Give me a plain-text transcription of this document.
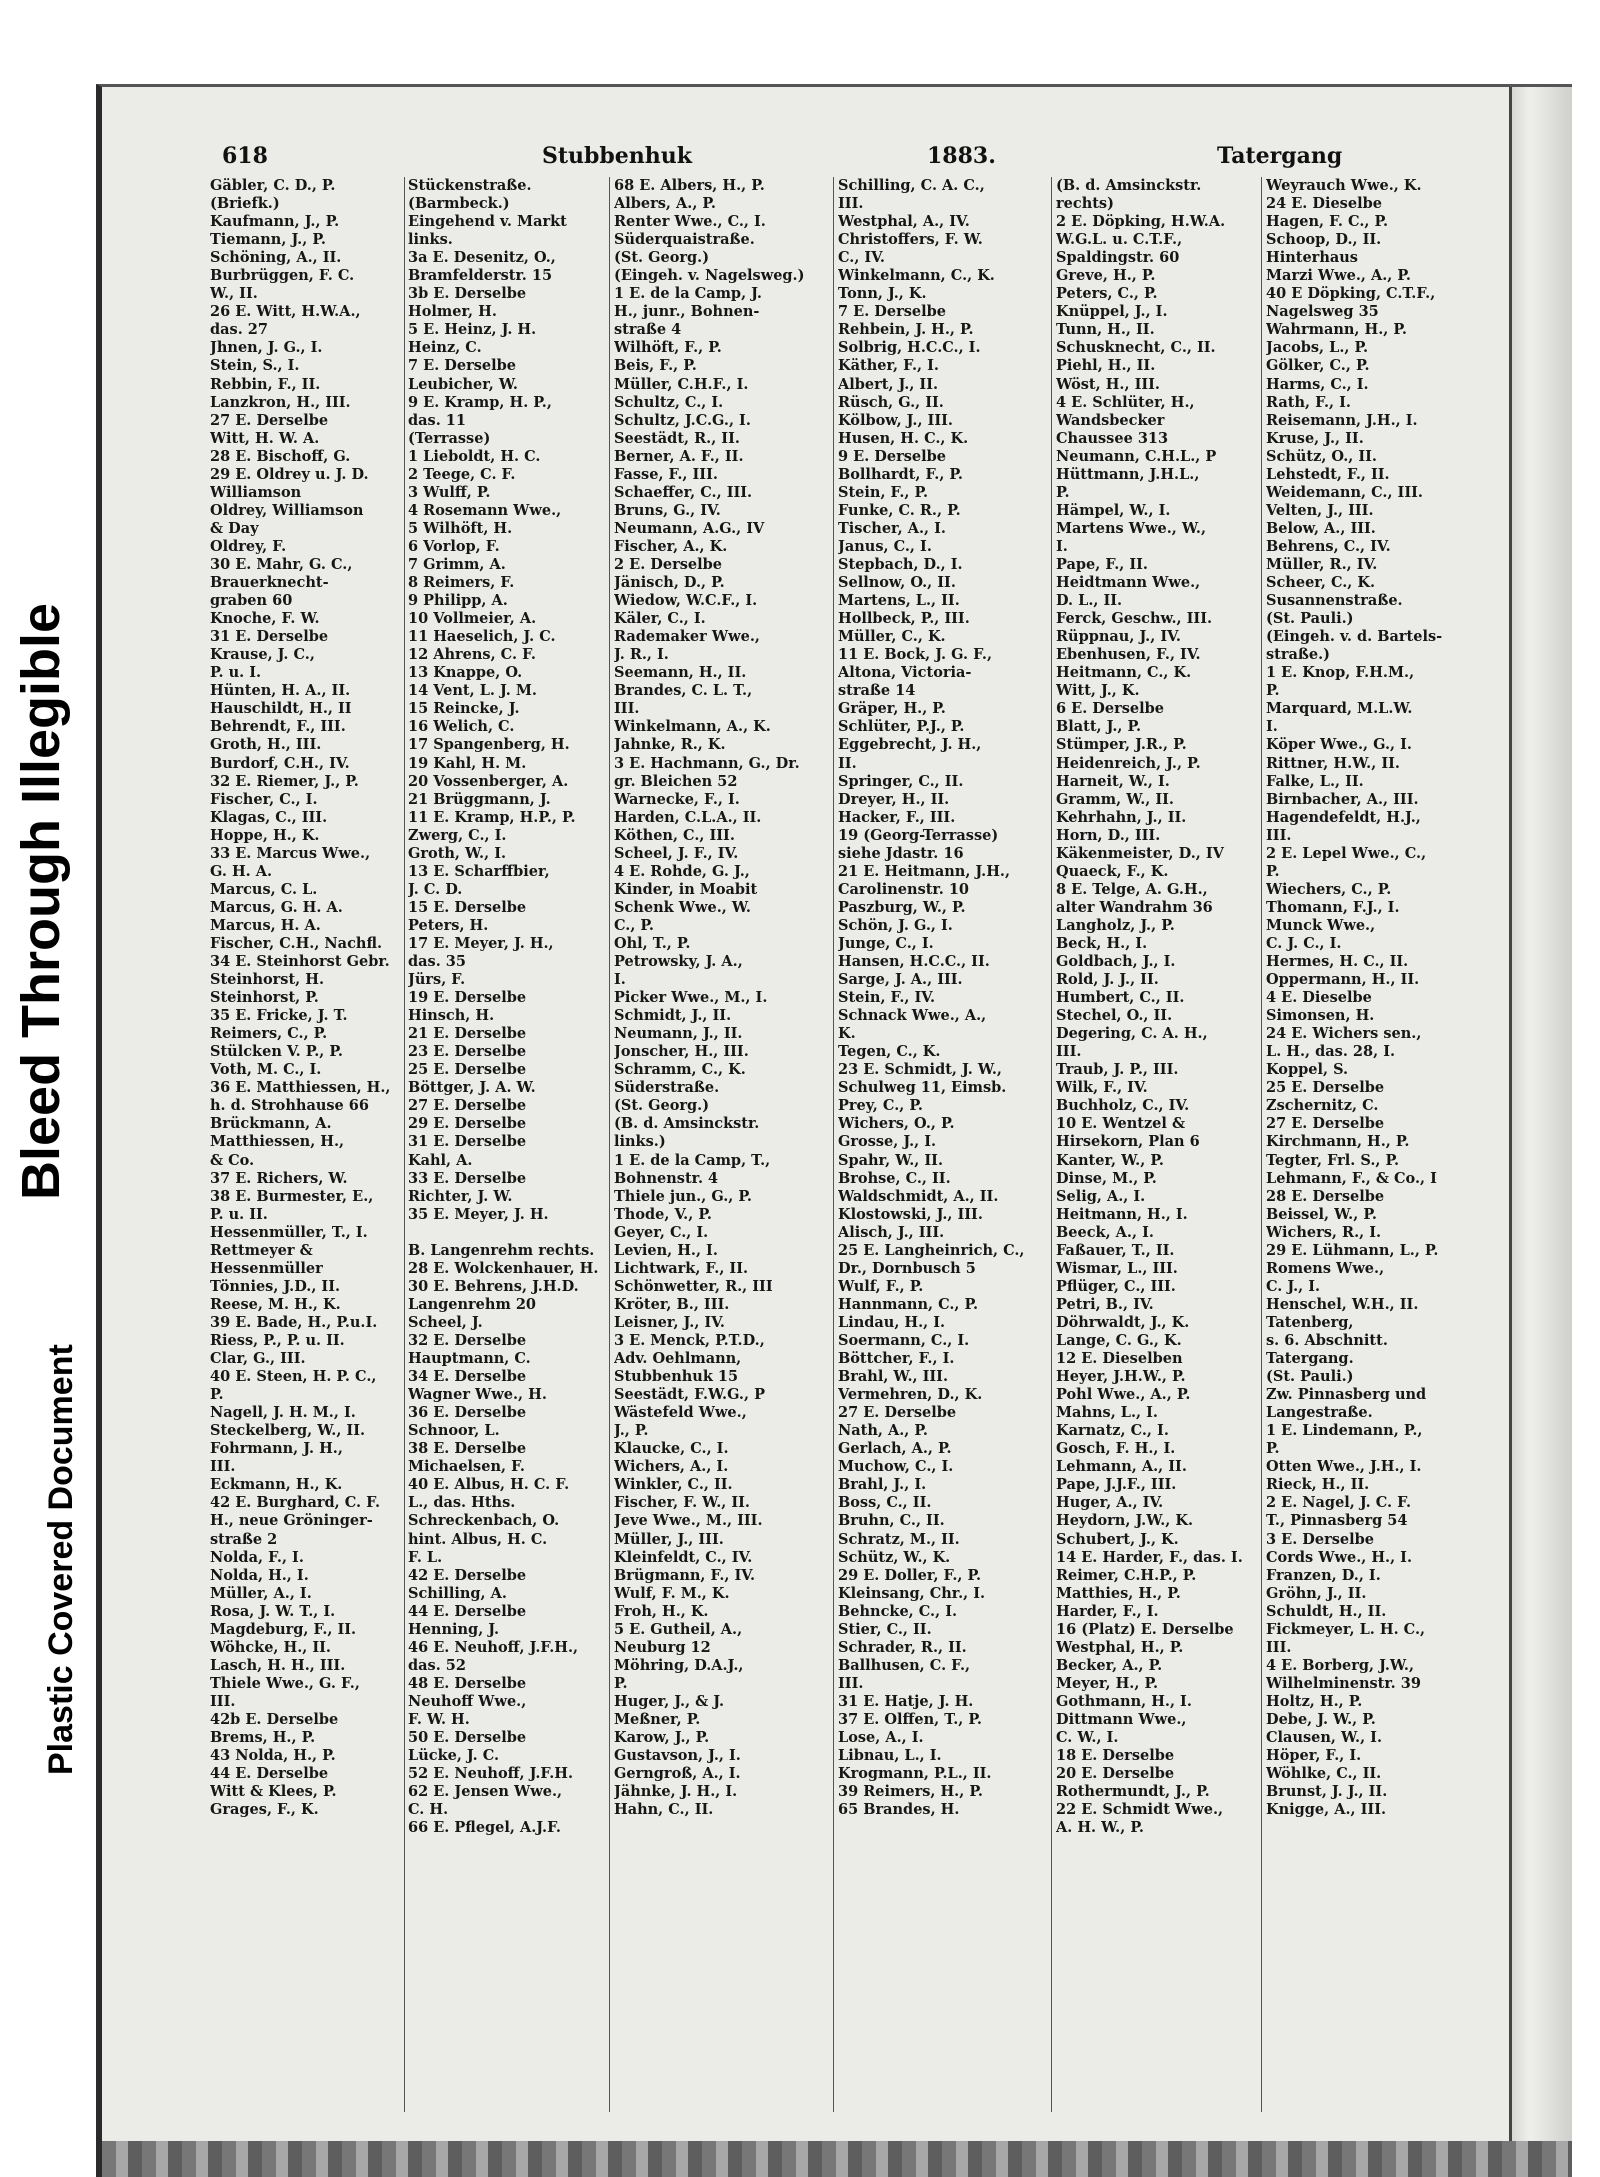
Bleed Through Illegible
Plastic Covered Document
618	Stubbenhuk	1883.	Tatergang
Gäbler, C. D., P.
(Briefk.)
Kaufmann, J., P.
Tiemann, J., P.
Schöning, A., II.
Burbrüggen, F. C.
W., II.
26 E. Witt, H.W.A.,
das. 27
Jhnen, J. G., I.
Stein, S., I.
Rebbin, F., II.
Lanzkron, H., III.
27 E. Derselbe
Witt, H. W. A.
28 E. Bischoff, G.
29 E. Oldrey u. J. D.
Williamson
Oldrey, Williamson
& Day
Oldrey, F.
30 E. Mahr, G. C.,
Brauerknecht-
graben 60
Knoche, F. W.
31 E. Derselbe
Krause, J. C.,
P. u. I.
Hünten, H. A., II.
Hauschildt, H., II
Behrendt, F., III.
Groth, H., III.
Burdorf, C.H., IV.
32 E. Riemer, J., P.
Fischer, C., I.
Klagas, C., III.
Hoppe, H., K.
33 E. Marcus Wwe.,
G. H. A.
Marcus, C. L.
Marcus, G. H. A.
Marcus, H. A.
Fischer, C.H., Nachfl.
34 E. Steinhorst Gebr.
Steinhorst, H.
Steinhorst, P.
35 E. Fricke, J. T.
Reimers, C., P.
Stülcken V. P., P.
Voth, M. C., I.
36 E. Matthiessen, H.,
h. d. Strohhause 66
Brückmann, A.
Matthiessen, H.,
& Co.
37 E. Richers, W.
38 E. Burmester, E.,
P. u. II.
Hessenmüller, T., I.
Rettmeyer &
Hessenmüller
Tönnies, J.D., II.
Reese, M. H., K.
39 E. Bade, H., P.u.I.
Riess, P., P. u. II.
Clar, G., III.
40 E. Steen, H. P. C.,
P.
Nagell, J. H. M., I.
Steckelberg, W., II.
Fohrmann, J. H.,
III.
Eckmann, H., K.
42 E. Burghard, C. F.
H., neue Gröninger-
straße 2
Nolda, F., I.
Nolda, H., I.
Müller, A., I.
Rosa, J. W. T., I.
Magdeburg, F., II.
Wöhcke, H., II.
Lasch, H. H., III.
Thiele Wwe., G. F.,
III.
42b E. Derselbe
Brems, H., P.
43 Nolda, H., P.
44 E. Derselbe
Witt & Klees, P.
Grages, F., K.
Stückenstraße.
(Barmbeck.)
Eingehend v. Markt
links.
3a E. Desenitz, O.,
Bramfelderstr. 15
3b E. Derselbe
Holmer, H.
5 E. Heinz, J. H.
Heinz, C.
7 E. Derselbe
Leubicher, W.
9 E. Kramp, H. P.,
das. 11
(Terrasse)
1 Lieboldt, H. C.
2 Teege, C. F.
3 Wulff, P.
4 Rosemann Wwe.,
5 Wilhöft, H.
6 Vorlop, F.
7 Grimm, A.
8 Reimers, F.
9 Philipp, A.
10 Vollmeier, A.
11 Haeselich, J. C.
12 Ahrens, C. F.
13 Knappe, O.
14 Vent, L. J. M.
15 Reincke, J.
16 Welich, C.
17 Spangenberg, H.
19 Kahl, H. M.
20 Vossenberger, A.
21 Brüggmann, J.
11 E. Kramp, H.P., P.
Zwerg, C., I.
Groth, W., I.
13 E. Scharffbier,
J. C. D.
15 E. Derselbe
Peters, H.
17 E. Meyer, J. H.,
das. 35
Jürs, F.
19 E. Derselbe
Hinsch, H.
21 E. Derselbe
23 E. Derselbe
25 E. Derselbe
Böttger, J. A. W.
27 E. Derselbe
29 E. Derselbe
31 E. Derselbe
Kahl, A.
33 E. Derselbe
Richter, J. W.
35 E. Meyer, J. H.

B. Langenrehm rechts.
28 E. Wolckenhauer, H.
30 E. Behrens, J.H.D.
Langenrehm 20
Scheel, J.
32 E. Derselbe
Hauptmann, C.
34 E. Derselbe
Wagner Wwe., H.
36 E. Derselbe
Schnoor, L.
38 E. Derselbe
Michaelsen, F.
40 E. Albus, H. C. F.
L., das. Hths.
Schreckenbach, O.
hint. Albus, H. C.
F. L.
42 E. Derselbe
Schilling, A.
44 E. Derselbe
Henning, J.
46 E. Neuhoff, J.F.H.,
das. 52
48 E. Derselbe
Neuhoff Wwe.,
F. W. H.
50 E. Derselbe
Lücke, J. C.
52 E. Neuhoff, J.F.H.
62 E. Jensen Wwe.,
C. H.
66 E. Pflegel, A.J.F.
68 E. Albers, H., P.
Albers, A., P.
Renter Wwe., C., I.
Süderquaistraße.
(St. Georg.)
(Eingeh. v. Nagelsweg.)
1 E. de la Camp, J.
H., junr., Bohnen-
straße 4
Wilhöft, F., P.
Beis, F., P.
Müller, C.H.F., I.
Schultz, C., I.
Schultz, J.C.G., I.
Seestädt, R., II.
Berner, A. F., II.
Fasse, F., III.
Schaeffer, C., III.
Bruns, G., IV.
Neumann, A.G., IV
Fischer, A., K.
2 E. Derselbe
Jänisch, D., P.
Wiedow, W.C.F., I.
Käler, C., I.
Rademaker Wwe.,
J. R., I.
Seemann, H., II.
Brandes, C. L. T.,
III.
Winkelmann, A., K.
Jahnke, R., K.
3 E. Hachmann, G., Dr.
gr. Bleichen 52
Warnecke, F., I.
Harden, C.L.A., II.
Köthen, C., III.
Scheel, J. F., IV.
4 E. Rohde, G. J.,
Kinder, in Moabit
Schenk Wwe., W.
C., P.
Ohl, T., P.
Petrowsky, J. A.,
I.
Picker Wwe., M., I.
Schmidt, J., II.
Neumann, J., II.
Jonscher, H., III.
Schramm, C., K.
Süderstraße.
(St. Georg.)
(B. d. Amsinckstr.
links.)
1 E. de la Camp, T.,
Bohnenstr. 4
Thiele jun., G., P.
Thode, V., P.
Geyer, C., I.
Levien, H., I.
Lichtwark, F., II.
Schönwetter, R., III
Kröter, B., III.
Leisner, J., IV.
3 E. Menck, P.T.D.,
Adv. Oehlmann,
Stubbenhuk 15
Seestädt, F.W.G., P
Wästefeld Wwe.,
J., P.
Klaucke, C., I.
Wichers, A., I.
Winkler, C., II.
Fischer, F. W., II.
Jeve Wwe., M., III.
Müller, J., III.
Kleinfeldt, C., IV.
Brügmann, F., IV.
Wulf, F. M., K.
Froh, H., K.
5 E. Gutheil, A.,
Neuburg 12
Möhring, D.A.J.,
P.
Huger, J., & J.
Meßner, P.
Karow, J., P.
Gustavson, J., I.
Gerngroß, A., I.
Jähnke, J. H., I.
Hahn, C., II.
Schilling, C. A. C.,
III.
Westphal, A., IV.
Christoffers, F. W.
C., IV.
Winkelmann, C., K.
Tonn, J., K.
7 E. Derselbe
Rehbein, J. H., P.
Solbrig, H.C.C., I.
Käther, F., I.
Albert, J., II.
Rüsch, G., II.
Kölbow, J., III.
Husen, H. C., K.
9 E. Derselbe
Bollhardt, F., P.
Stein, F., P.
Funke, C. R., P.
Tischer, A., I.
Janus, C., I.
Stepbach, D., I.
Sellnow, O., II.
Martens, L., II.
Hollbeck, P., III.
Müller, C., K.
11 E. Bock, J. G. F.,
Altona, Victoria-
straße 14
Gräper, H., P.
Schlüter, P.J., P.
Eggebrecht, J. H.,
II.
Springer, C., II.
Dreyer, H., II.
Hacker, F., III.
19 (Georg-Terrasse)
siehe Jdastr. 16
21 E. Heitmann, J.H.,
Carolinenstr. 10
Paszburg, W., P.
Schön, J. G., I.
Junge, C., I.
Hansen, H.C.C., II.
Sarge, J. A., III.
Stein, F., IV.
Schnack Wwe., A.,
K.
Tegen, C., K.
23 E. Schmidt, J. W.,
Schulweg 11, Eimsb.
Prey, C., P.
Wichers, O., P.
Grosse, J., I.
Spahr, W., II.
Brohse, C., II.
Waldschmidt, A., II.
Klostowski, J., III.
Alisch, J., III.
25 E. Langheinrich, C.,
Dr., Dornbusch 5
Wulf, F., P.
Hannmann, C., P.
Lindau, H., I.
Soermann, C., I.
Böttcher, F., I.
Brahl, W., III.
Vermehren, D., K.
27 E. Derselbe
Nath, A., P.
Gerlach, A., P.
Muchow, C., I.
Brahl, J., I.
Boss, C., II.
Bruhn, C., II.
Schratz, M., II.
Schütz, W., K.
29 E. Doller, F., P.
Kleinsang, Chr., I.
Behncke, C., I.
Stier, C., II.
Schrader, R., II.
Ballhusen, C. F.,
III.
31 E. Hatje, J. H.
37 E. Olffen, T., P.
Lose, A., I.
Libnau, L., I.
Krogmann, P.L., II.
39 Reimers, H., P.
65 Brandes, H.
(B. d. Amsinckstr.
rechts)
2 E. Döpking, H.W.A.
W.G.L. u. C.T.F.,
Spaldingstr. 60
Greve, H., P.
Peters, C., P.
Knüppel, J., I.
Tunn, H., II.
Schusknecht, C., II.
Piehl, H., II.
Wöst, H., III.
4 E. Schlüter, H.,
Wandsbecker
Chaussee 313
Neumann, C.H.L., P
Hüttmann, J.H.L.,
P.
Hämpel, W., I.
Martens Wwe., W.,
I.
Pape, F., II.
Heidtmann Wwe.,
D. L., II.
Ferck, Geschw., III.
Rüppnau, J., IV.
Ebenhusen, F., IV.
Heitmann, C., K.
Witt, J., K.
6 E. Derselbe
Blatt, J., P.
Stümper, J.R., P.
Heidenreich, J., P.
Harneit, W., I.
Gramm, W., II.
Kehrhahn, J., II.
Horn, D., III.
Käkenmeister, D., IV
Quaeck, F., K.
8 E. Telge, A. G.H.,
alter Wandrahm 36
Langholz, J., P.
Beck, H., I.
Goldbach, J., I.
Rold, J. J., II.
Humbert, C., II.
Stechel, O., II.
Degering, C. A. H.,
III.
Traub, J. P., III.
Wilk, F., IV.
Buchholz, C., IV.
10 E. Wentzel &
Hirsekorn, Plan 6
Kanter, W., P.
Dinse, M., P.
Selig, A., I.
Heitmann, H., I.
Beeck, A., I.
Faßauer, T., II.
Wismar, L., III.
Pflüger, C., III.
Petri, B., IV.
Döhrwaldt, J., K.
Lange, C. G., K.
12 E. Dieselben
Heyer, J.H.W., P.
Pohl Wwe., A., P.
Mahns, L., I.
Karnatz, C., I.
Gosch, F. H., I.
Lehmann, A., II.
Pape, J.J.F., III.
Huger, A., IV.
Heydorn, J.W., K.
Schubert, J., K.
14 E. Harder, F., das. I.
Reimer, C.H.P., P.
Matthies, H., P.
Harder, F., I.
16 (Platz) E. Derselbe
Westphal, H., P.
Becker, A., P.
Meyer, H., P.
Gothmann, H., I.
Dittmann Wwe.,
C. W., I.
18 E. Derselbe
20 E. Derselbe
Rothermundt, J., P.
22 E. Schmidt Wwe.,
A. H. W., P.
Weyrauch Wwe., K.
24 E. Dieselbe
Hagen, F. C., P.
Schoop, D., II.
Hinterhaus
Marzi Wwe., A., P.
40 E Döpking, C.T.F.,
Nagelsweg 35
Wahrmann, H., P.
Jacobs, L., P.
Gölker, C., P.
Harms, C., I.
Rath, F., I.
Reisemann, J.H., I.
Kruse, J., II.
Schütz, O., II.
Lehstedt, F., II.
Weidemann, C., III.
Velten, J., III.
Below, A., III.
Behrens, C., IV.
Müller, R., IV.
Scheer, C., K.
Susannenstraße.
(St. Pauli.)
(Eingeh. v. d. Bartels-
straße.)
1 E. Knop, F.H.M.,
P.
Marquard, M.L.W.
I.
Köper Wwe., G., I.
Rittner, H.W., II.
Falke, L., II.
Birnbacher, A., III.
Hagendefeldt, H.J.,
III.
2 E. Lepel Wwe., C.,
P.
Wiechers, C., P.
Thomann, F.J., I.
Munck Wwe.,
C. J. C., I.
Hermes, H. C., II.
Oppermann, H., II.
4 E. Dieselbe
Simonsen, H.
24 E. Wichers sen.,
L. H., das. 28, I.
Koppel, S.
25 E. Derselbe
Zschernitz, C.
27 E. Derselbe
Kirchmann, H., P.
Tegter, Frl. S., P.
Lehmann, F., & Co., I
28 E. Derselbe
Beissel, W., P.
Wichers, R., I.
29 E. Lühmann, L., P.
Romens Wwe.,
C. J., I.
Henschel, W.H., II.
Tatenberg,
s. 6. Abschnitt.
Tatergang.
(St. Pauli.)
Zw. Pinnasberg und
Langestraße.
1 E. Lindemann, P.,
P.
Otten Wwe., J.H., I.
Rieck, H., II.
2 E. Nagel, J. C. F.
T., Pinnasberg 54
3 E. Derselbe
Cords Wwe., H., I.
Franzen, D., I.
Gröhn, J., II.
Schuldt, H., II.
Fickmeyer, L. H. C.,
III.
4 E. Borberg, J.W.,
Wilhelminenstr. 39
Holtz, H., P.
Debe, J. W., P.
Clausen, W., I.
Höper, F., I.
Wöhlke, C., II.
Brunst, J. J., II.
Knigge, A., III.
